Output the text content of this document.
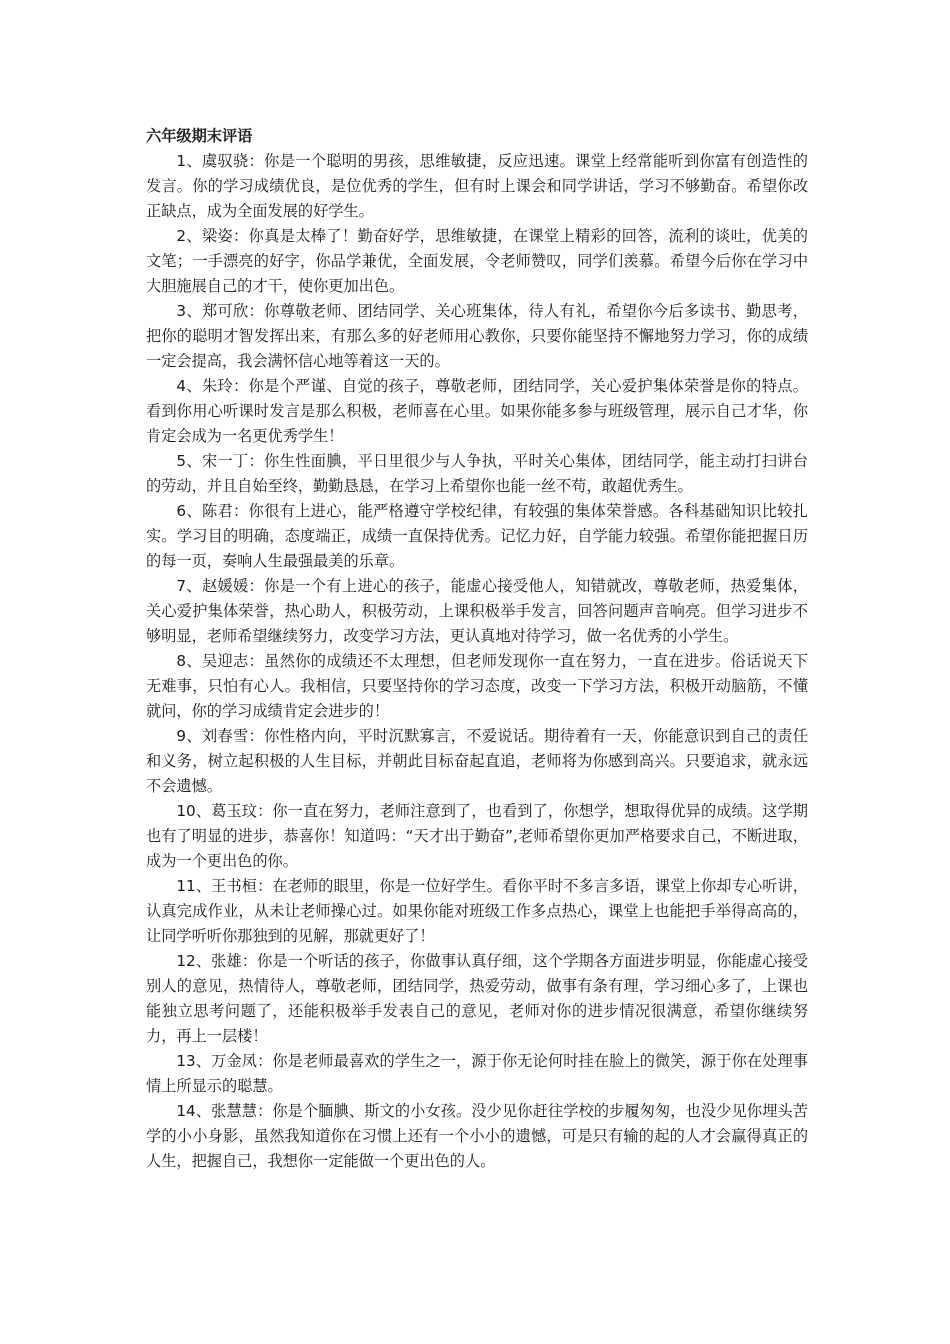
六年级期末评语

1、虞驭骁：你是一个聪明的男孩，思维敏捷，反应迅速。课堂上经常能听到你富有创造性的发言。你的学习成绩优良，是位优秀的学生，但有时上课会和同学讲话，学习不够勤奋。希望你改正缺点，成为全面发展的好学生。

2、梁姿：你真是太棒了！勤奋好学，思维敏捷，在课堂上精彩的回答，流利的谈吐，优美的文笔；一手漂亮的好字，你品学兼优，全面发展，令老师赞叹，同学们羡慕。希望今后你在学习中大胆施展自己的才干，使你更加出色。

3、郑可欣：你尊敬老师、团结同学、关心班集体，待人有礼，希望你今后多读书、勤思考，把你的聪明才智发挥出来，有那么多的好老师用心教你，只要你能坚持不懈地努力学习，你的成绩一定会提高，我会满怀信心地等着这一天的。

4、朱玲：你是个严谨、自觉的孩子，尊敬老师，团结同学，关心爱护集体荣誉是你的特点。看到你用心听课时发言是那么积极，老师喜在心里。如果你能多参与班级管理，展示自己才华，你肯定会成为一名更优秀学生！

5、宋一丁：你生性面腆，平日里很少与人争执，平时关心集体，团结同学，能主动打扫讲台的劳动，并且自始至终，勤勤恳恳，在学习上希望你也能一丝不苟，敢超优秀生。

6、陈君：你很有上进心，能严格遵守学校纪律，有较强的集体荣誉感。各科基础知识比较扎实。学习目的明确，态度端正，成绩一直保持优秀。记忆力好，自学能力较强。希望你能把握日历的每一页，奏响人生最强最美的乐章。

7、赵媛媛：你是一个有上进心的孩子，能虚心接受他人，知错就改，尊敬老师，热爱集体，关心爱护集体荣誉，热心助人，积极劳动，上课积极举手发言，回答问题声音响亮。但学习进步不够明显，老师希望继续努力，改变学习方法，更认真地对待学习，做一名优秀的小学生。

8、吴迎志：虽然你的成绩还不太理想，但老师发现你一直在努力，一直在进步。俗话说天下无难事，只怕有心人。我相信，只要坚持你的学习态度，改变一下学习方法，积极开动脑筋，不懂就问，你的学习成绩肯定会进步的！

9、刘春雪：你性格内向，平时沉默寡言，不爱说话。期待着有一天，你能意识到自己的责任和义务，树立起积极的人生目标，并朝此目标奋起直追，老师将为你感到高兴。只要追求，就永远不会遗憾。

10、葛玉玟：你一直在努力，老师注意到了，也看到了，你想学，想取得优异的成绩。这学期也有了明显的进步，恭喜你！知道吗：“天才出于勤奋”,老师希望你更加严格要求自己，不断进取，成为一个更出色的你。

11、王书桓：在老师的眼里，你是一位好学生。看你平时不多言多语，课堂上你却专心听讲，认真完成作业，从未让老师操心过。如果你能对班级工作多点热心，课堂上也能把手举得高高的，让同学听听你那独到的见解，那就更好了！

12、张雄：你是一个听话的孩子，你做事认真仔细，这个学期各方面进步明显，你能虚心接受别人的意见，热情待人，尊敬老师，团结同学，热爱劳动，做事有条有理，学习细心多了，上课也能独立思考问题了，还能积极举手发表自己的意见，老师对你的进步情况很满意，希望你继续努力，再上一层楼！

13、万金凤：你是老师最喜欢的学生之一，源于你无论何时挂在脸上的微笑，源于你在处理事情上所显示的聪慧。

14、张慧慧：你是个腼腆、斯文的小女孩。没少见你赶往学校的步履匆匆，也没少见你埋头苦学的小小身影，虽然我知道你在习惯上还有一个小小的遗憾，可是只有输的起的人才会赢得真正的人生，把握自己，我想你一定能做一个更出色的人。
